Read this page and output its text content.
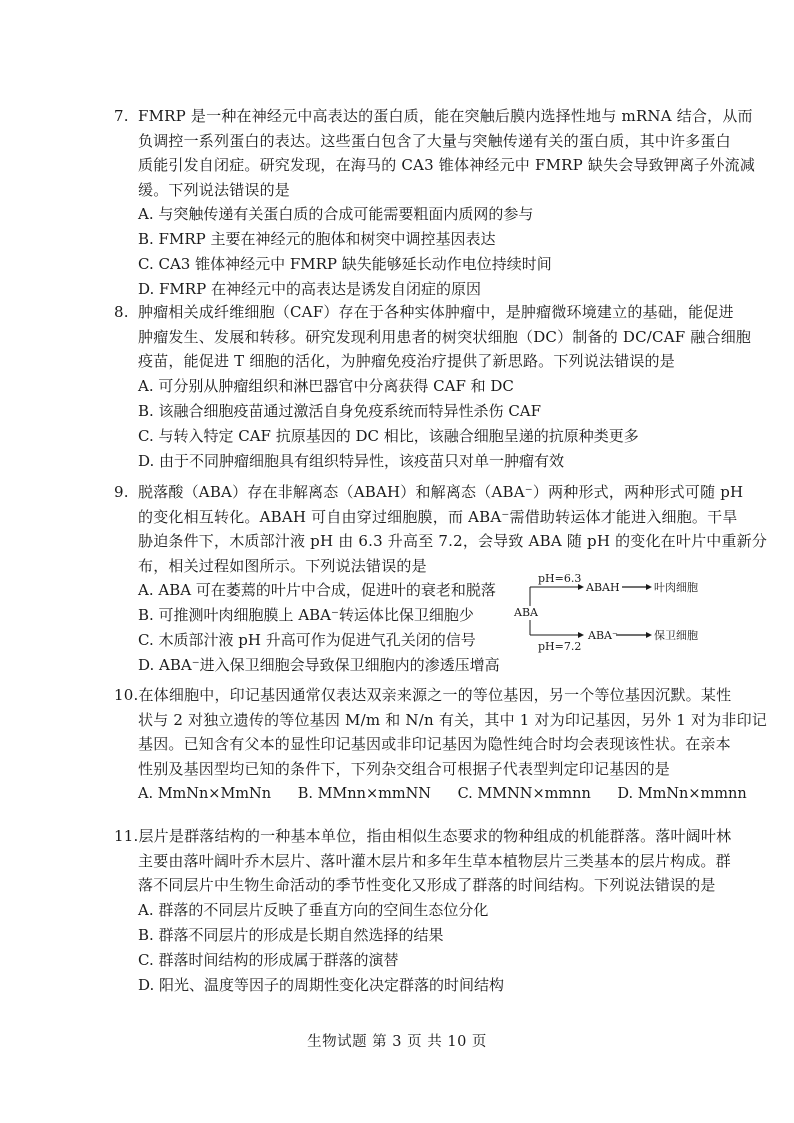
7. FMRP 是一种在神经元中高表达的蛋白质，能在突触后膜内选择性地与 mRNA 结合，从而
负调控一系列蛋白的表达。这些蛋白包含了大量与突触传递有关的蛋白质，其中许多蛋白
质能引发自闭症。研究发现，在海马的 CA3 锥体神经元中 FMRP 缺失会导致钾离子外流减
缓。下列说法错误的是
A. 与突触传递有关蛋白质的合成可能需要粗面内质网的参与
B. FMRP 主要在神经元的胞体和树突中调控基因表达
C. CA3 锥体神经元中 FMRP 缺失能够延长动作电位持续时间
D. FMRP 在神经元中的高表达是诱发自闭症的原因
8. 肿瘤相关成纤维细胞（CAF）存在于各种实体肿瘤中，是肿瘤微环境建立的基础，能促进
肿瘤发生、发展和转移。研究发现利用患者的树突状细胞（DC）制备的 DC/CAF 融合细胞
疫苗，能促进 T 细胞的活化，为肿瘤免疫治疗提供了新思路。下列说法错误的是
A. 可分别从肿瘤组织和淋巴器官中分离获得 CAF 和 DC
B. 该融合细胞疫苗通过激活自身免疫系统而特异性杀伤 CAF
C. 与转入特定 CAF 抗原基因的 DC 相比，该融合细胞呈递的抗原种类更多
D. 由于不同肿瘤细胞具有组织特异性，该疫苗只对单一肿瘤有效
9. 脱落酸（ABA）存在非解离态（ABAH）和解离态（ABA⁻）两种形式，两种形式可随 pH
的变化相互转化。ABAH 可自由穿过细胞膜，而 ABA⁻需借助转运体才能进入细胞。干旱
胁迫条件下，木质部汁液 pH 由 6.3 升高至 7.2，会导致 ABA 随 pH 的变化在叶片中重新分
布，相关过程如图所示。下列说法错误的是
A. ABA 可在萎蔫的叶片中合成，促进叶的衰老和脱落
B. 可推测叶肉细胞膜上 ABA⁻转运体比保卫细胞少
C. 木质部汁液 pH 升高可作为促进气孔关闭的信号
D. ABA⁻进入保卫细胞会导致保卫细胞内的渗透压增高
ABA
pH=6.3
pH=7.2
ABAH
ABA⁻
叶肉细胞
保卫细胞
10.在体细胞中，印记基因通常仅表达双亲来源之一的等位基因，另一个等位基因沉默。某性
状与 2 对独立遗传的等位基因 M/m 和 N/n 有关，其中 1 对为印记基因，另外 1 对为非印记
基因。已知含有父本的显性印记基因或非印记基因为隐性纯合时均会表现该性状。在亲本
性别及基因型均已知的条件下，下列杂交组合可根据子代表型判定印记基因的是
A. MmNn×MmNn B. MMnn×mmNN C. MMNN×mmnn D. MmNn×mmnn
11.层片是群落结构的一种基本单位，指由相似生态要求的物种组成的机能群落。落叶阔叶林
主要由落叶阔叶乔木层片、落叶灌木层片和多年生草本植物层片三类基本的层片构成。群
落不同层片中生物生命活动的季节性变化又形成了群落的时间结构。下列说法错误的是
A. 群落的不同层片反映了垂直方向的空间生态位分化
B. 群落不同层片的形成是长期自然选择的结果
C. 群落时间结构的形成属于群落的演替
D. 阳光、温度等因子的周期性变化决定群落的时间结构
生物试题 第 3 页 共 10 页
